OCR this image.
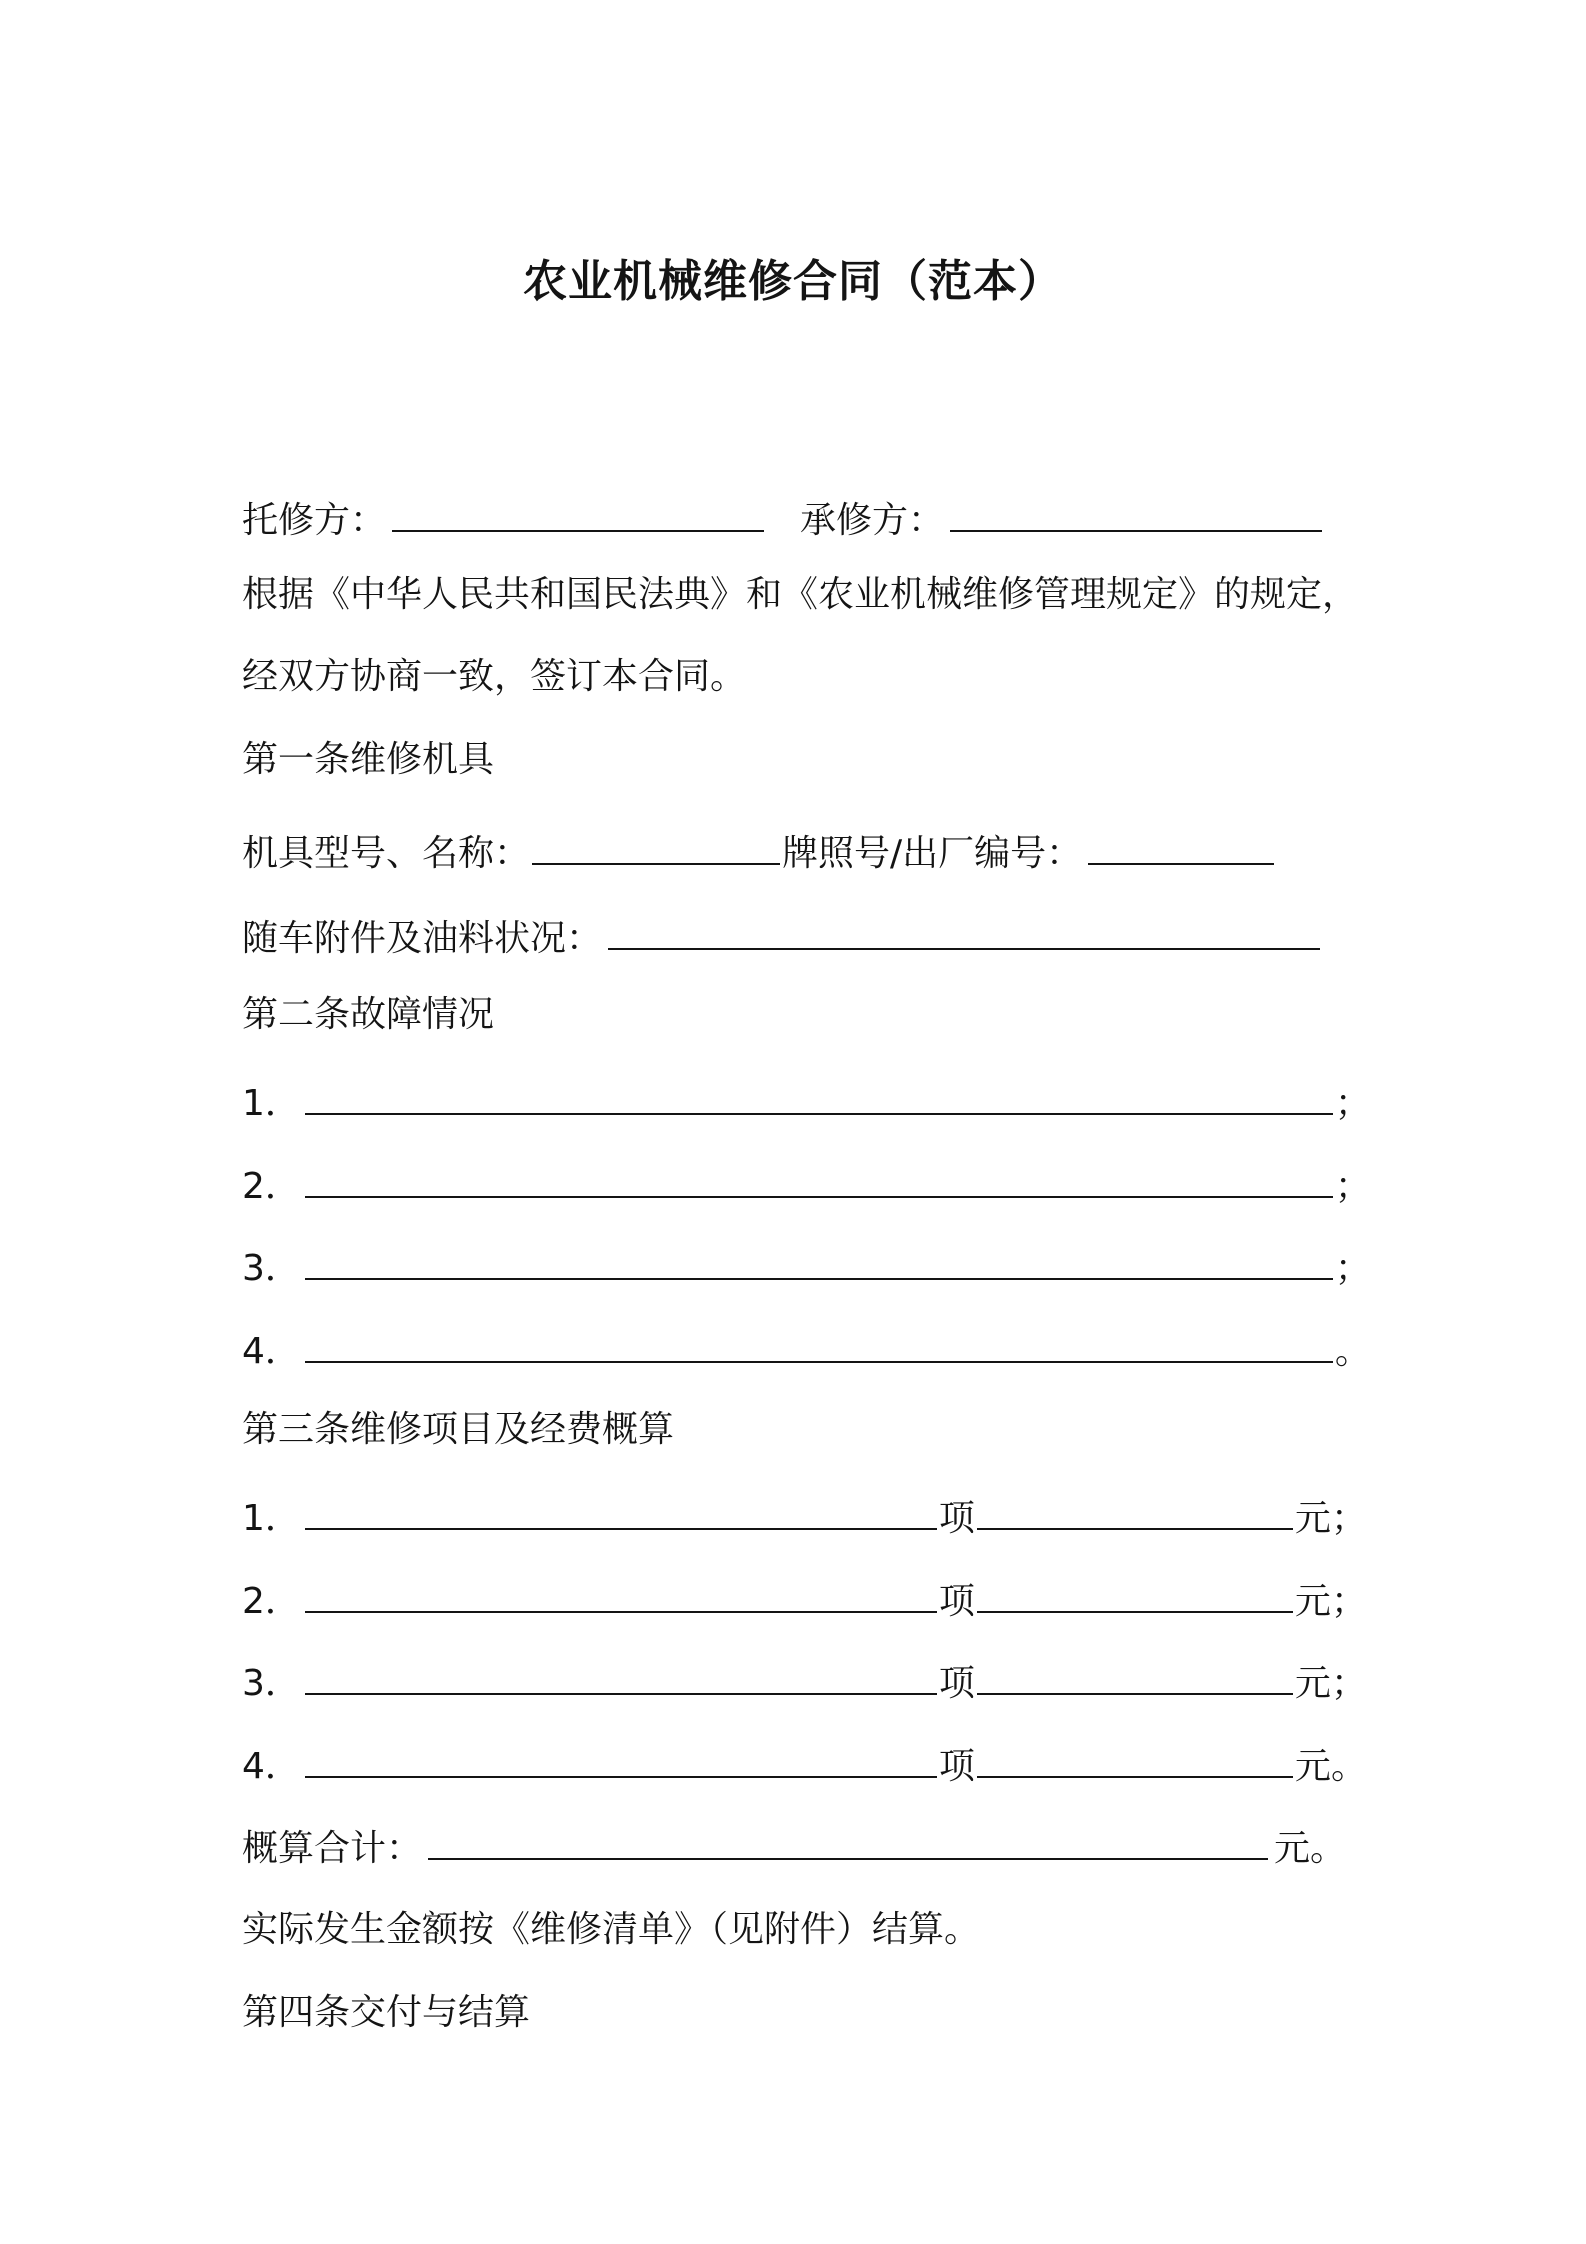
农业机械维修合同（范本）
托修方：	承修方：
根据《中华人民共和国民法典》和《农业机械维修管理规定》的规定，
经双方协商一致，签订本合同。
第一条维修机具
机具型号、名称：	牌照号/出厂编号：
随车附件及油料状况：
第二条故障情况
1．	；
2．	；
3．	；
4．	。
第三条维修项目及经费概算
1．	项	元；
2．	项	元；
3．	项	元；
4．	项	元。
概算合计：	元。
实际发生金额按《维修清单》（见附件）结算。
第四条交付与结算
